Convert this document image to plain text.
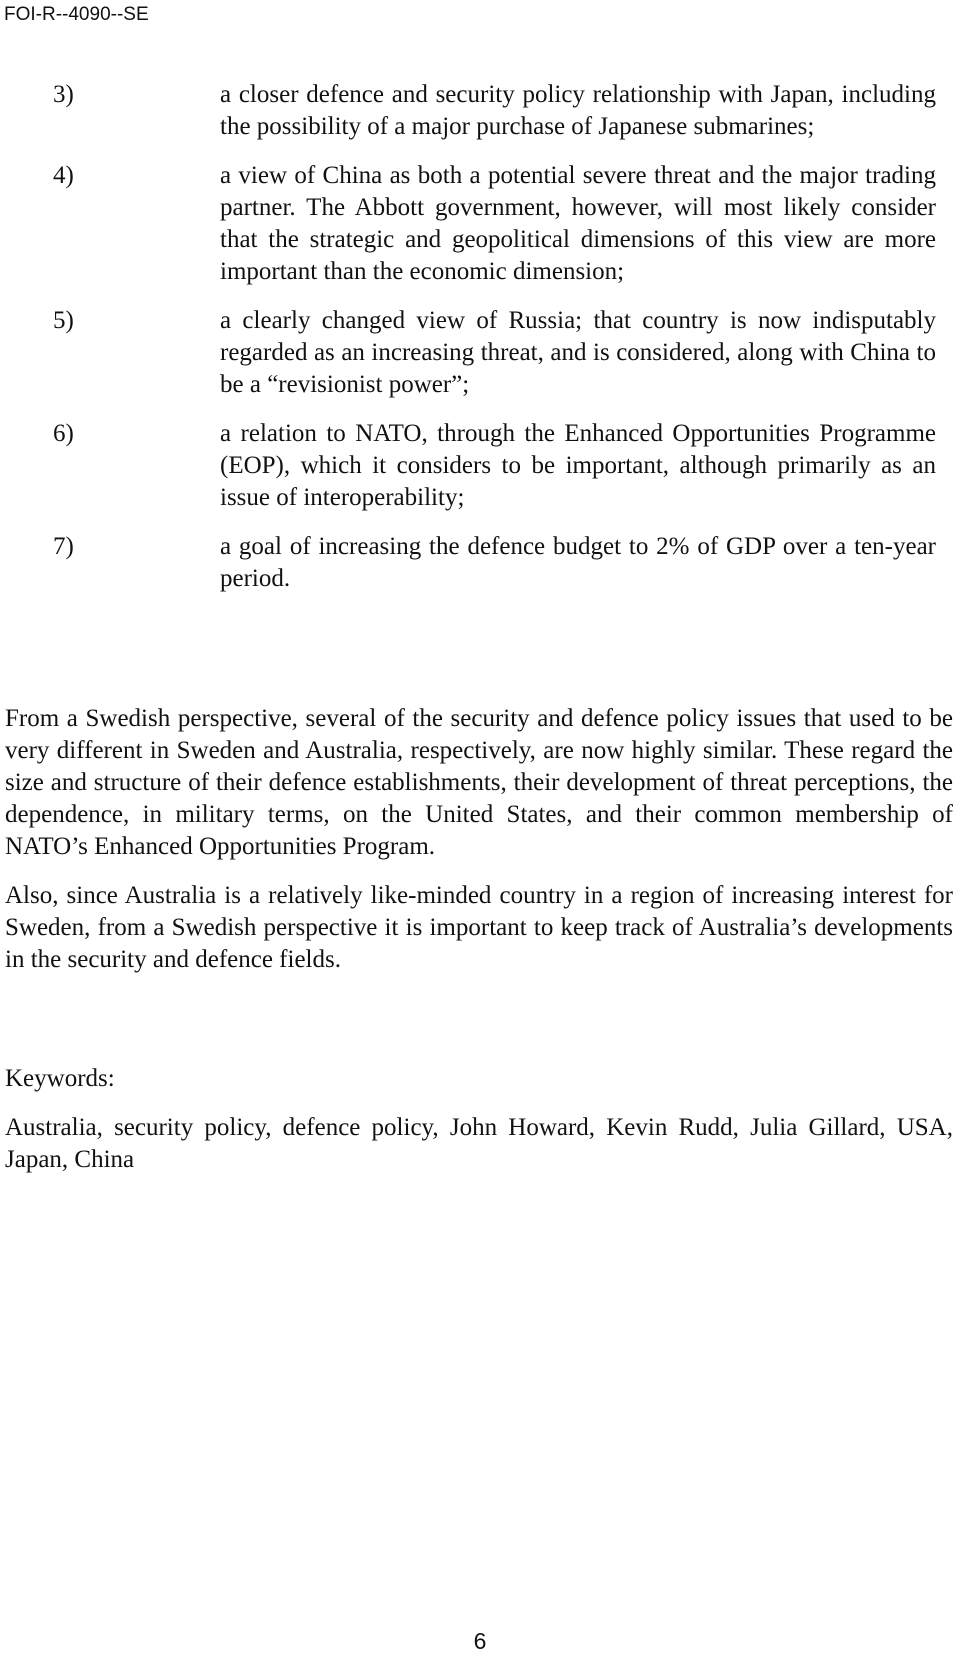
FOI-R--4090--SE
3)	a closer defence and security policy relationship with Japan, including the possibility of a major purchase of Japanese submarines;
4)	a view of China as both a potential severe threat and the major trading partner. The Abbott government, however, will most likely consider that the strategic and geopolitical dimensions of this view are more important than the economic dimension;
5)	a clearly changed view of Russia; that country is now indisputably regarded as an increasing threat, and is considered, along with China to be a “revisionist power”;
6)	a relation to NATO, through the Enhanced Opportunities Programme (EOP), which it considers to be important, although primarily as an issue of interoperability;
7)	a goal of increasing the defence budget to 2% of GDP over a ten-year period.

From a Swedish perspective, several of the security and defence policy issues that used to be very different in Sweden and Australia, respectively, are now highly similar. These regard the size and structure of their defence establishments, their development of threat perceptions, the dependence, in military terms, on the United States, and their common membership of NATO’s Enhanced Opportunities Program.

Also, since Australia is a relatively like-minded country in a region of increasing interest for Sweden, from a Swedish perspective it is important to keep track of Australia’s developments in the security and defence fields.

Keywords:
Australia, security policy, defence policy, John Howard, Kevin Rudd, Julia Gillard, USA, Japan, China
6
